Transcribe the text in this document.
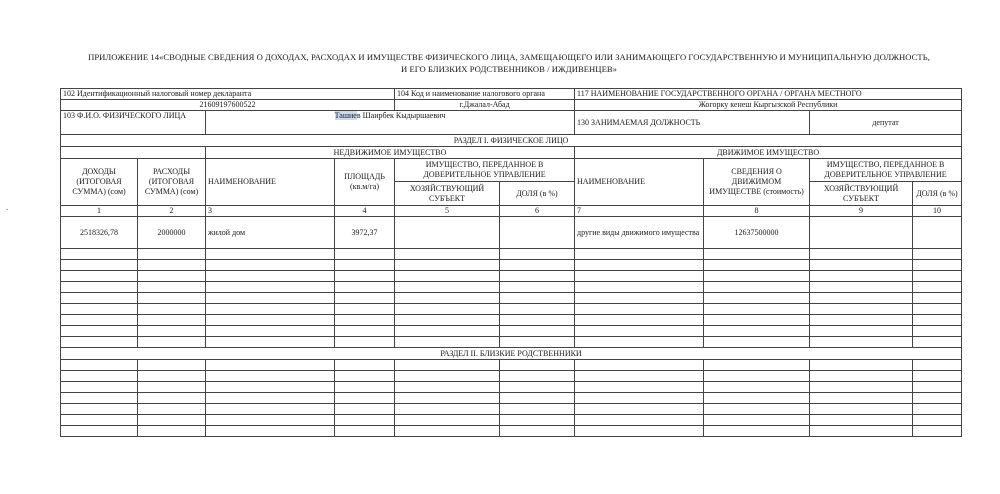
ПРИЛОЖЕНИЕ 14«СВОДНЫЕ СВЕДЕНИЯ О ДОХОДАХ, РАСХОДАХ И ИМУЩЕСТВЕ ФИЗИЧЕСКОГО ЛИЦА, ЗАМЕЩАЮЩЕГО ИЛИ ЗАНИМАЮЩЕГО ГОСУДАРСТВЕННУЮ И МУНИЦИПАЛЬНУЮ ДОЛЖНОСТЬ,
И ЕГО БЛИЗКИХ РОДСТВЕННИКОВ / ИЖДИВЕНЦЕВ»
.
102 Идентификационный налоговый номер декларанта				104 Код и наименование налогового органа		117 НАИМЕНОВАНИЕ ГОСУДАРСТВЕННОГО ОРГАНА / ОРГАНА МЕСТНОГО			
21609197600522				г.Джалал-Абад		Жогорку кенеш Кыргызской Республики			
103 Ф.И.О. ФИЗИЧЕСКОГО ЛИЦА		Ташиев Шаирбек Кыдыршаевич				130 ЗАНИМАЕМАЯ ДОЛЖНОСТЬ		депутат	
РАЗДЕЛ I. ФИЗИЧЕСКОЕ ЛИЦО									
		НЕДВИЖИМОЕ ИМУЩЕСТВО				ДВИЖИМОЕ ИМУЩЕСТВО			
ДОХОДЫ (ИТОГОВАЯ СУММА) (сом)	РАСХОДЫ (ИТОГОВАЯ СУММА) (сом)	НАИМЕНОВАНИЕ	ПЛОЩАДЬ (кв.м/га)	ИМУЩЕСТВО, ПЕРЕДАННОЕ В ДОВЕРИТЕЛЬНОЕ УПРАВЛЕНИЕ		НАИМЕНОВАНИЕ	СВЕДЕНИЯ О ДВИЖИМОМ ИМУЩЕСТВЕ (стоимость)	ИМУЩЕСТВО, ПЕРЕДАННОЕ В ДОВЕРИТЕЛЬНОЕ УПРАВЛЕНИЕ	
				ХОЗЯЙСТВУЮЩИЙ СУБЪЕКТ	ДОЛЯ (в %)			ХОЗЯЙСТВУЮЩИЙ СУБЪЕКТ	ДОЛЯ (в %)
1	2	3	4	5	6	7	8	9	10
2518326,78	2000000	жилой дом	3972,37			другие виды движимого имущества	12637500000		

РАЗДЕЛ II. БЛИЗКИЕ РОДСТВЕННИКИ									
